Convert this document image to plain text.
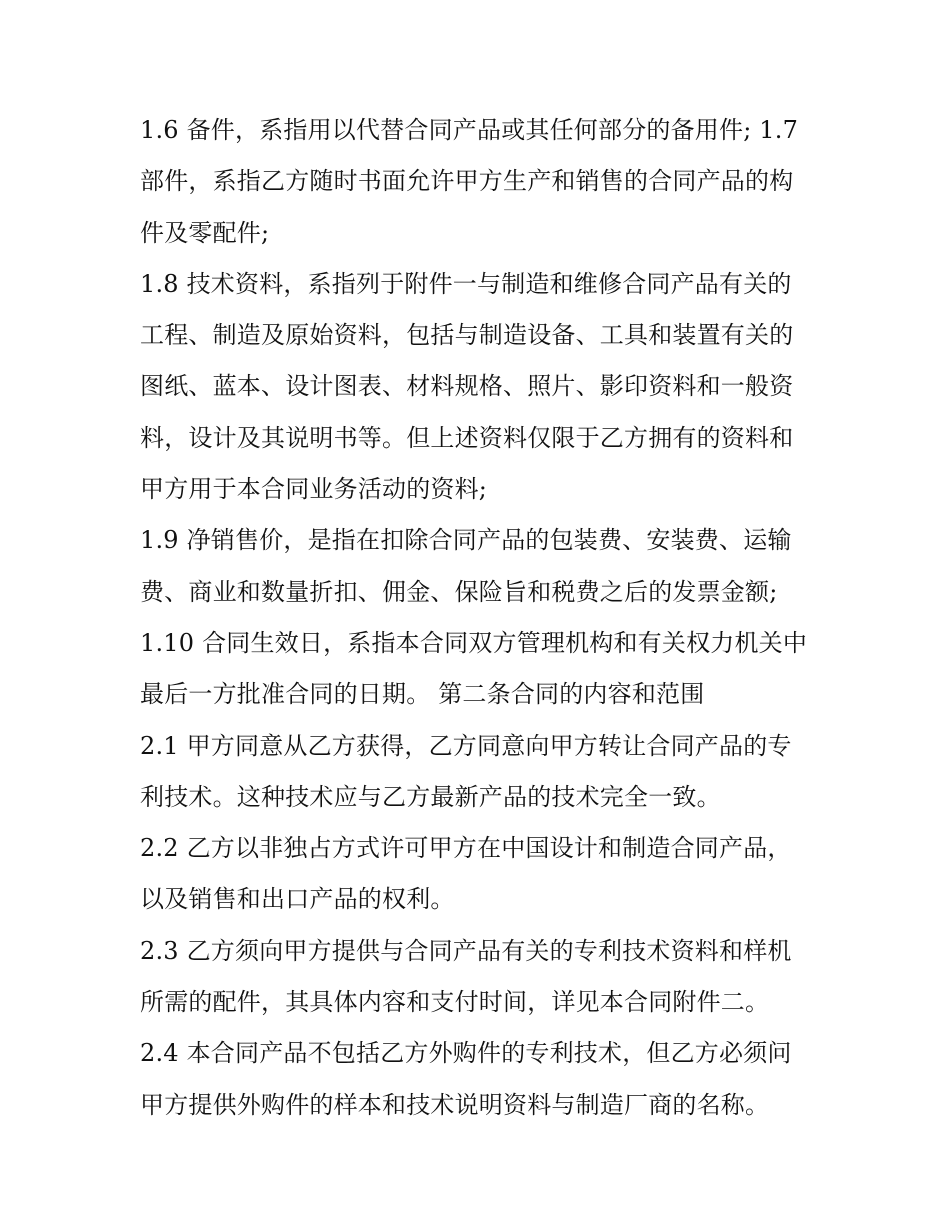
1.6 备件，系指用以代替合同产品或其任何部分的备用件; 1.7 部件，系指乙方随时书面允许甲方生产和销售的合同产品的构件及零配件;

1.8 技术资料，系指列于附件一与制造和维修合同产品有关的工程、制造及原始资料，包括与制造设备、工具和装置有关的图纸、蓝本、设计图表、材料规格、照片、影印资料和一般资料，设计及其说明书等。但上述资料仅限于乙方拥有的资料和甲方用于本合同业务活动的资料;

1.9 净销售价，是指在扣除合同产品的包装费、安装费、运输费、商业和数量折扣、佣金、保险旨和税费之后的发票金额;

1.10 合同生效日，系指本合同双方管理机构和有关权力机关中最后一方批准合同的日期。 第二条合同的内容和范围

2.1 甲方同意从乙方获得，乙方同意向甲方转让合同产品的专利技术。这种技术应与乙方最新产品的技术完全一致。

2.2 乙方以非独占方式许可甲方在中国设计和制造合同产品，以及销售和出口产品的权利。

2.3 乙方须向甲方提供与合同产品有关的专利技术资料和样机所需的配件，其具体内容和支付时间，详见本合同附件二。

2.4 本合同产品不包括乙方外购件的专利技术，但乙方必须问甲方提供外购件的样本和技术说明资料与制造厂商的名称。
